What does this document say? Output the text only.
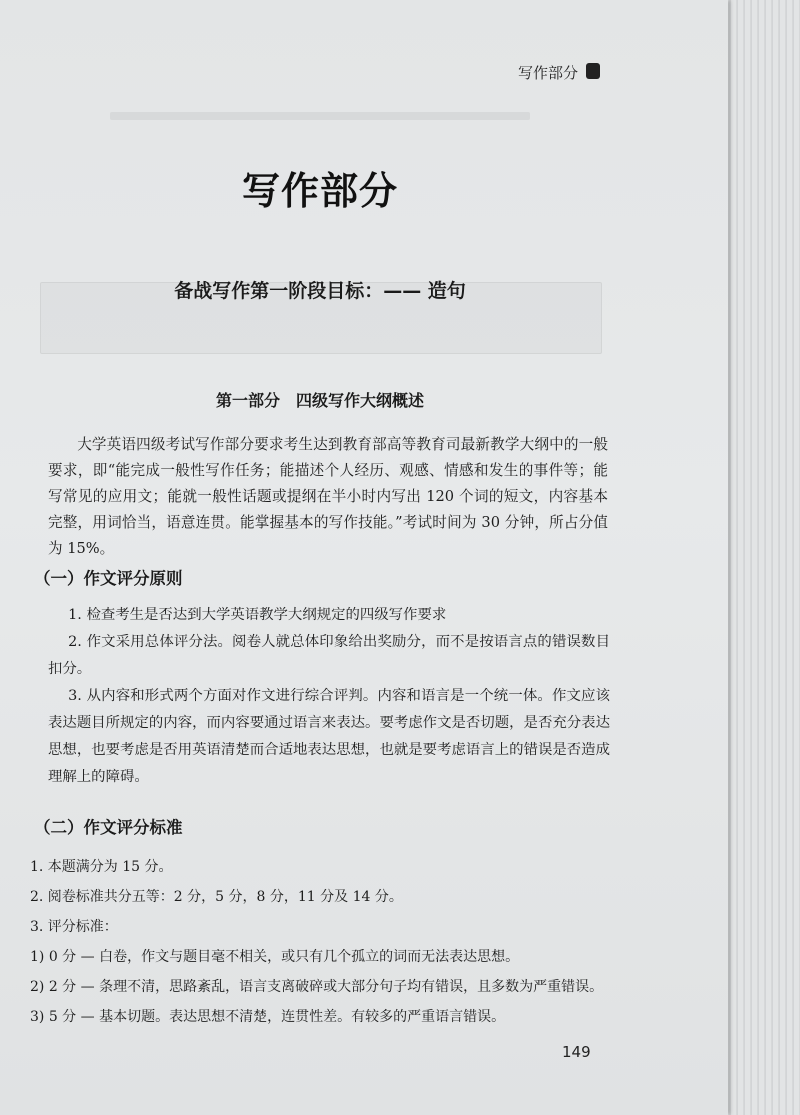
写作部分
写作部分
备战写作第一阶段目标：—— 造句
第一部分　四级写作大纲概述

大学英语四级考试写作部分要求考生达到教育部高等教育司最新教学大纲中的一般要求，即“能完成一般性写作任务；能描述个人经历、观感、情感和发生的事件等；能写常见的应用文；能就一般性话题或提纲在半小时内写出 120 个词的短文，内容基本完整，用词恰当，语意连贯。能掌握基本的写作技能。”考试时间为 30 分钟，所占分值为 15%。

（一）作文评分原则

1. 检查考生是否达到大学英语教学大纲规定的四级写作要求

2. 作文采用总体评分法。阅卷人就总体印象给出奖励分，而不是按语言点的错误数目扣分。

3. 从内容和形式两个方面对作文进行综合评判。内容和语言是一个统一体。作文应该表达题目所规定的内容，而内容要通过语言来表达。要考虑作文是否切题，是否充分表达思想，也要考虑是否用英语清楚而合适地表达思想，也就是要考虑语言上的错误是否造成理解上的障碍。

（二）作文评分标准

1. 本题满分为 15 分。

2. 阅卷标准共分五等：2 分，5 分，8 分，11 分及 14 分。

3. 评分标准：

1) 0 分 — 白卷，作文与题目毫不相关，或只有几个孤立的词而无法表达思想。

2) 2 分 — 条理不清，思路紊乱，语言支离破碎或大部分句子均有错误，且多数为严重错误。

3) 5 分 — 基本切题。表达思想不清楚，连贯性差。有较多的严重语言错误。

149
